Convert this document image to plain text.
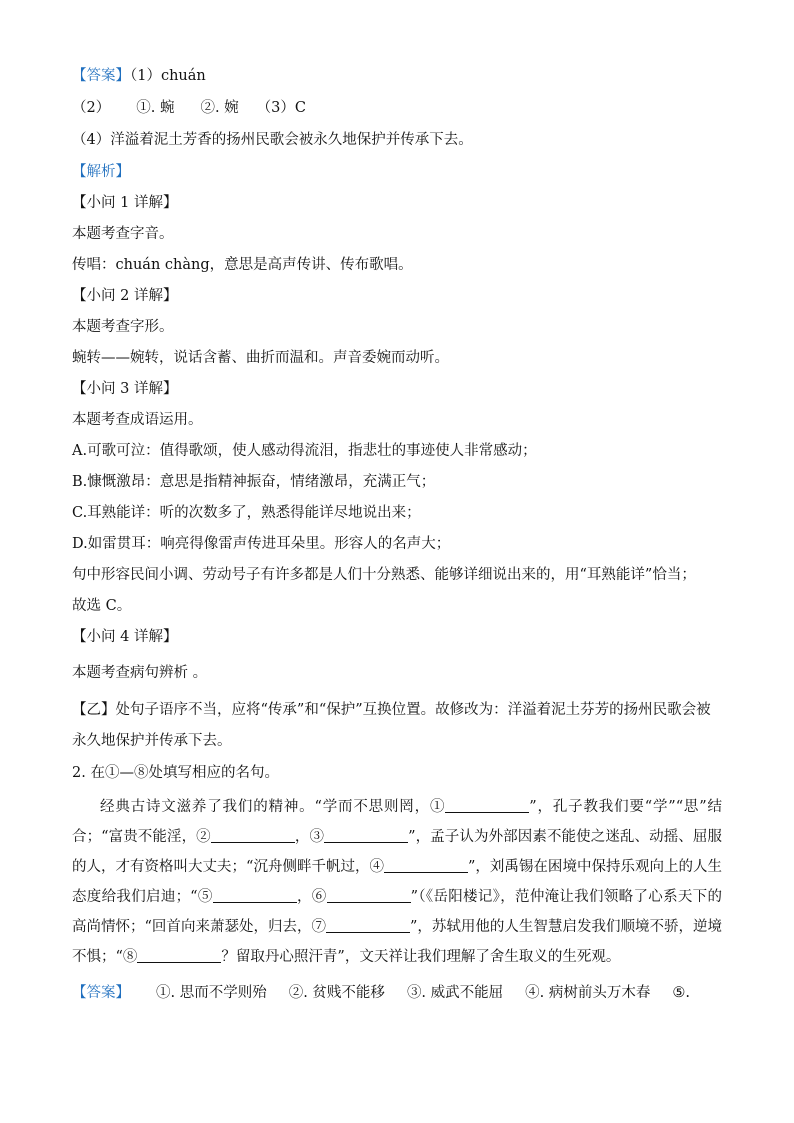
【答案】（1）chuán
（2） ①. 蜿 ②. 婉 （3）C
（4）洋溢着泥土芳香的扬州民歌会被永久地保护并传承下去。
【解析】
【小问 1 详解】
本题考查字音。
传唱：chuán chàng，意思是高声传讲、传布歌唱。
【小问 2 详解】
本题考查字形。
蜿转——婉转，说话含蓄、曲折而温和。声音委婉而动听。
【小问 3 详解】
本题考查成语运用。
A.可歌可泣：值得歌颂，使人感动得流泪，指悲壮的事迹使人非常感动；
B.慷慨激昂：意思是指精神振奋，情绪激昂，充满正气；
C.耳熟能详：听的次数多了，熟悉得能详尽地说出来；
D.如雷贯耳：响亮得像雷声传进耳朵里。形容人的名声大；
句中形容民间小调、劳动号子有许多都是人们十分熟悉、能够详细说出来的，用“耳熟能详”恰当；
故选 C。
【小问 4 详解】
本题考查病句辨析 。
【乙】处句子语序不当，应将“传承”和“保护”互换位置。故修改为：洋溢着泥土芬芳的扬州民歌会被
永久地保护并传承下去。
2. 在①—⑧处填写相应的名句。
经典古诗文滋养了我们的精神。“学而不思则罔，①	”，孔子教我们要“学”“思”结合；“富贵不能淫，②	，③	”，孟子认为外部因素不能使之迷乱、动摇、屈服的人，才有资格叫大丈夫；“沉舟侧畔千帆过，④	”，刘禹锡在困境中保持乐观向上的人生态度给我们启迪；“⑤	，⑥	”（《岳阳楼记》，范仲淹让我们领略了心系天下的高尚情怀；“回首向来萧瑟处，归去，⑦	”，苏轼用他的人生智慧启发我们顺境不骄，逆境不惧；“⑧	？留取丹心照汗青”，文天祥让我们理解了舍生取义的生死观。
【答案】 ①. 思而不学则殆 ②. 贫贱不能移 ③. 威武不能屈 ④. 病树前头万木春 ⑤.
